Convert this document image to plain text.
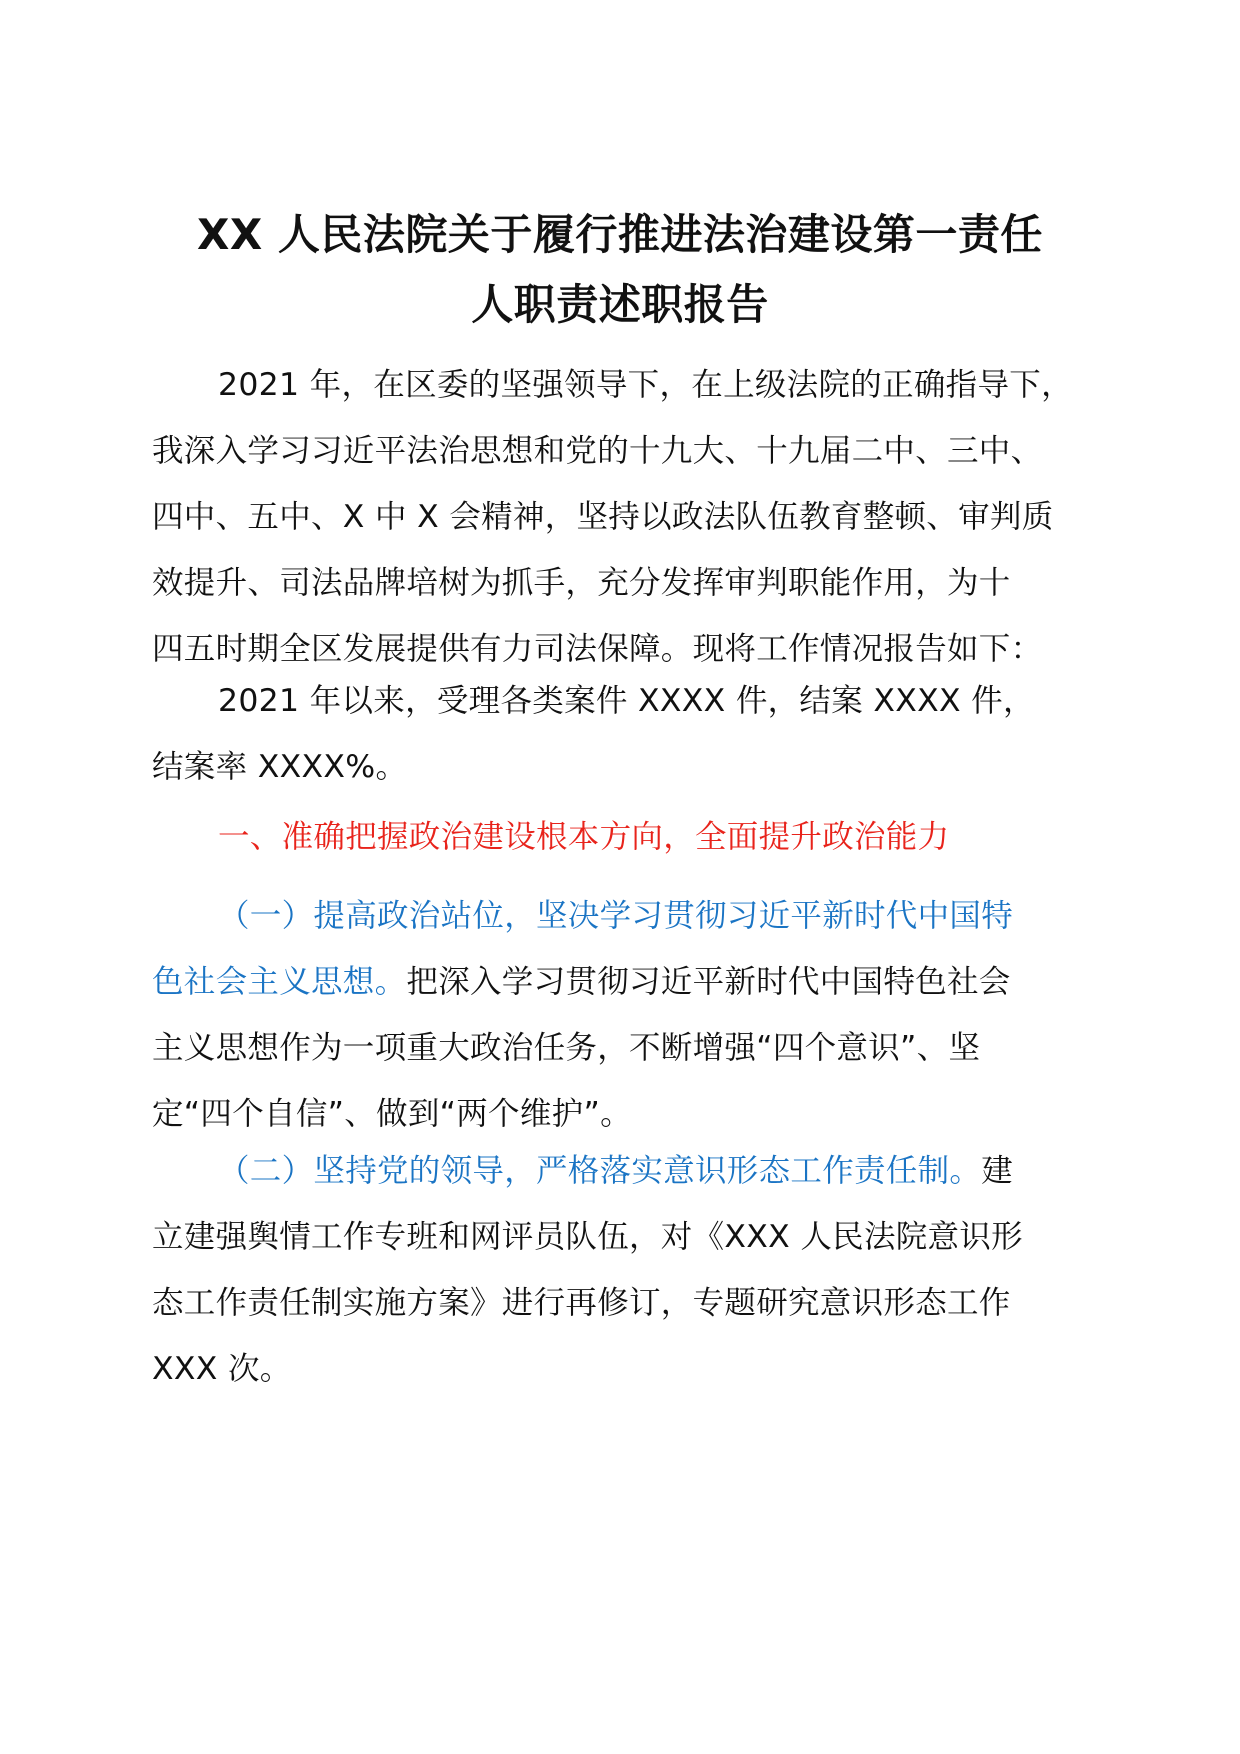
XX 人民法院关于履行推进法治建设第一责任
人职责述职报告
2021 年，在区委的坚强领导下，在上级法院的正确指导下，
我深入学习习近平法治思想和党的十九大、十九届二中、三中、
四中、五中、X 中 X 会精神，坚持以政法队伍教育整顿、审判质
效提升、司法品牌培树为抓手，充分发挥审判职能作用，为十
四五时期全区发展提供有力司法保障。现将工作情况报告如下：
2021 年以来，受理各类案件 XXXX 件，结案 XXXX 件，
结案率 XXXX%。
一、准确把握政治建设根本方向，全面提升政治能力
（一）提高政治站位，坚决学习贯彻习近平新时代中国特
色社会主义思想。把深入学习贯彻习近平新时代中国特色社会
主义思想作为一项重大政治任务，不断增强“四个意识”、坚
定“四个自信”、做到“两个维护”。
（二）坚持党的领导，严格落实意识形态工作责任制。建
立建强舆情工作专班和网评员队伍，对《XXX 人民法院意识形
态工作责任制实施方案》进行再修订，专题研究意识形态工作
XXX 次。
